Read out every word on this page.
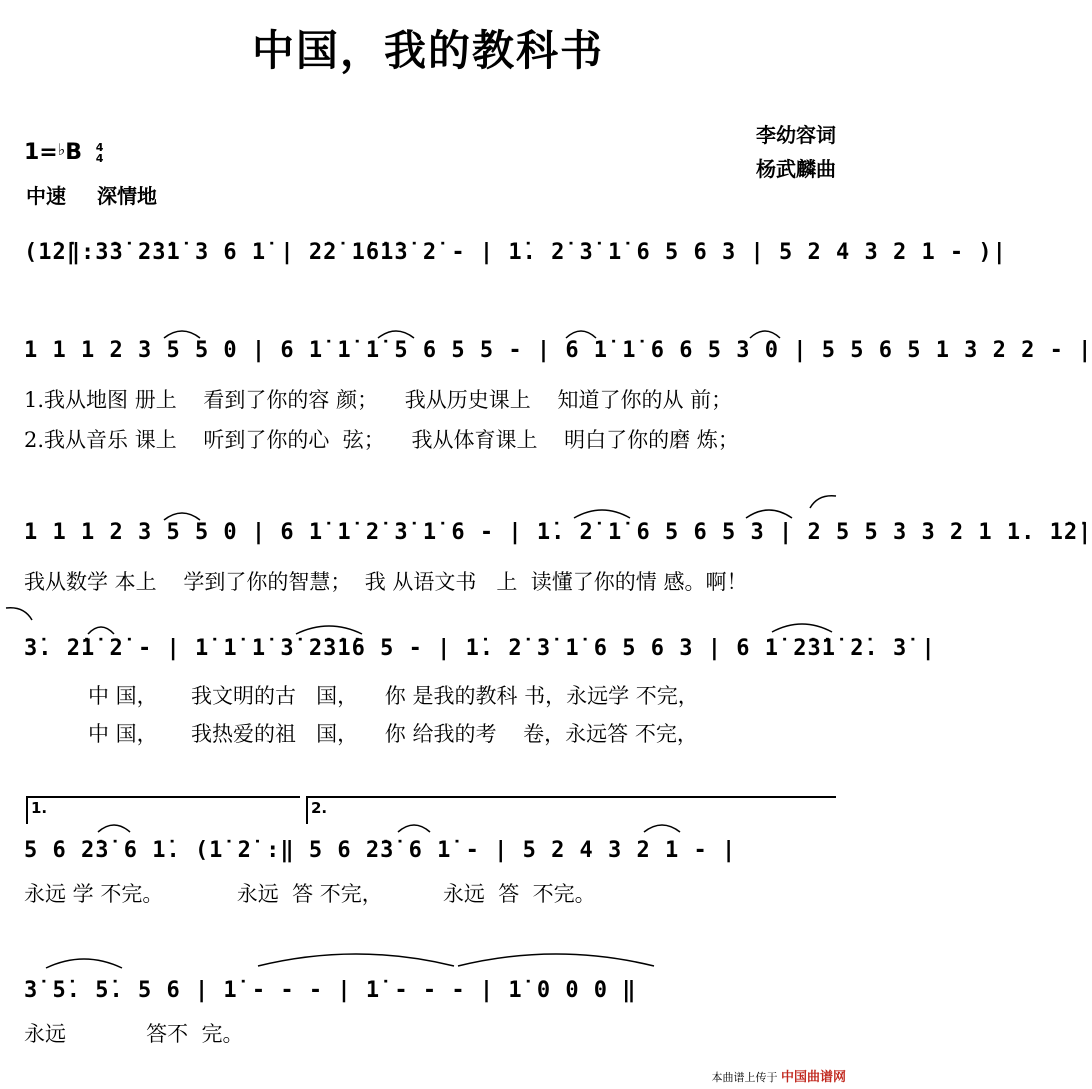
中国，我的教科书
李幼容词
杨武麟曲
1=♭B 4
4
中速 深情地
(1̇2̇‖:3̇3̇ 2̇3̇1̇ 3 6 1̇ | 2̇2̇ 1̇6̇1̇3̇ 2̇ - | 1̇. 2̇ 3̇ 1̇ 6 5 6 3 | 5 2 4 3 2 1 - )|
1 1 1 2 3 5 5 0 | 6 1̇ 1̇ 1̇ 5 6 5 5 - | 6 1̇ 1̇ 6 6 5 3 0 | 5 5 6 5 1 3 2 2 - |
1.我从地图 册上    看到了你的容 颜；    我从历史课上    知道了你的从 前；
2.我从音乐 课上    听到了你的心  弦；    我从体育课上    明白了你的磨 炼；
1 1 1 2 3 5 5 0 | 6 1̇ 1̇ 2̇ 3̇ 1̇ 6 - | 1̇. 2̇ 1̇ 6 5 6 5 3 | 2 5 5 3 3 2 1 1. 1̇2̇|
我从数学 本上    学到了你的智慧；  我 从语文书   上  读懂了你的情 感。啊！
3̇. 2̇1̇ 2̇ - | 1̇ 1̇ 1̇ 3̇ 2̇3̇1̇6 5 - | 1̇. 2̇ 3̇ 1̇ 6 5 6 3 | 6 1̇ 2̇3̇1̇ 2̇. 3̇ |
中 国，     我文明的古   国，    你 是我的教科 书，永远学 不完，
中 国，     我热爱的祖   国，    你 给我的考    卷，永远答 不完，
1.	2.
5 6 2̇3̇ 6 1̇. (1̇ 2̇ :‖ 5 6 2̇3̇ 6 1̇ - | 5 2 4 3 2 1 - |
永远 学 不完。           永远  答 不完，         永远  答  不完。
3̇ 5̇. 5̇. 5 6 | 1̇ - - - | 1̇ - - - | 1̇ 0 0 0 ‖
永远            答不  完。
本曲谱上传于 中国曲谱网
